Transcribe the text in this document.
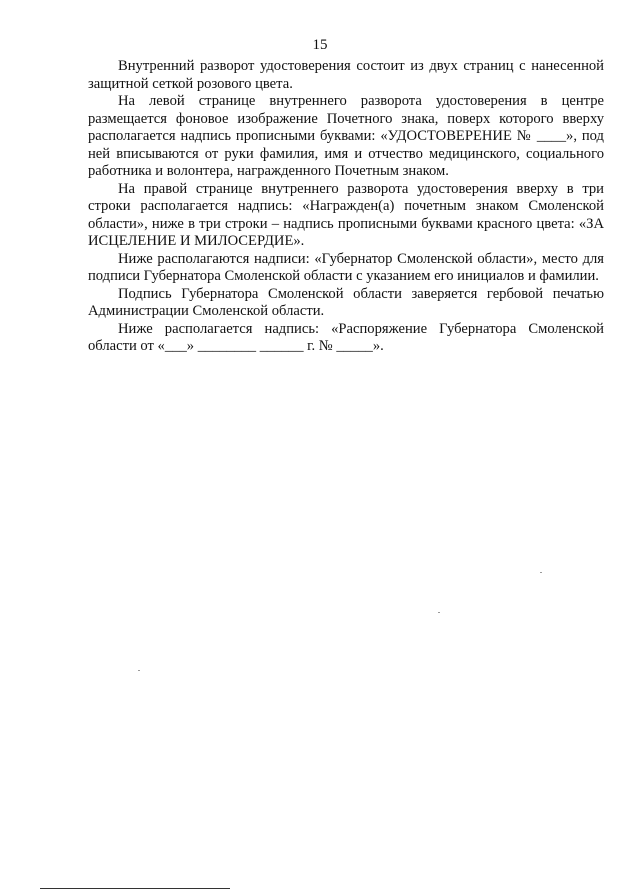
15

Внутренний разворот удостоверения состоит из двух страниц с нанесенной защитной сеткой розового цвета.

На левой странице внутреннего разворота удостоверения в центре размещается фоновое изображение Почетного знака, поверх которого вверху располагается надпись прописными буквами: «УДОСТОВЕРЕНИЕ № ____», под ней вписываются от руки фамилия, имя и отчество медицинского, социального работника и волонтера, награжденного Почетным знаком.

На правой странице внутреннего разворота удостоверения вверху в три строки располагается надпись: «Награжден(а) почетным знаком Смоленской области», ниже в три строки – надпись прописными буквами красного цвета: «ЗА ИСЦЕЛЕНИЕ И МИЛОСЕРДИЕ».

Ниже располагаются надписи: «Губернатор Смоленской области», место для подписи Губернатора Смоленской области с указанием его инициалов и фамилии.

Подпись Губернатора Смоленской области заверяется гербовой печатью Администрации Смоленской области.

Ниже располагается надпись: «Распоряжение Губернатора Смоленской области от «___» ________ ______ г. № _____».
